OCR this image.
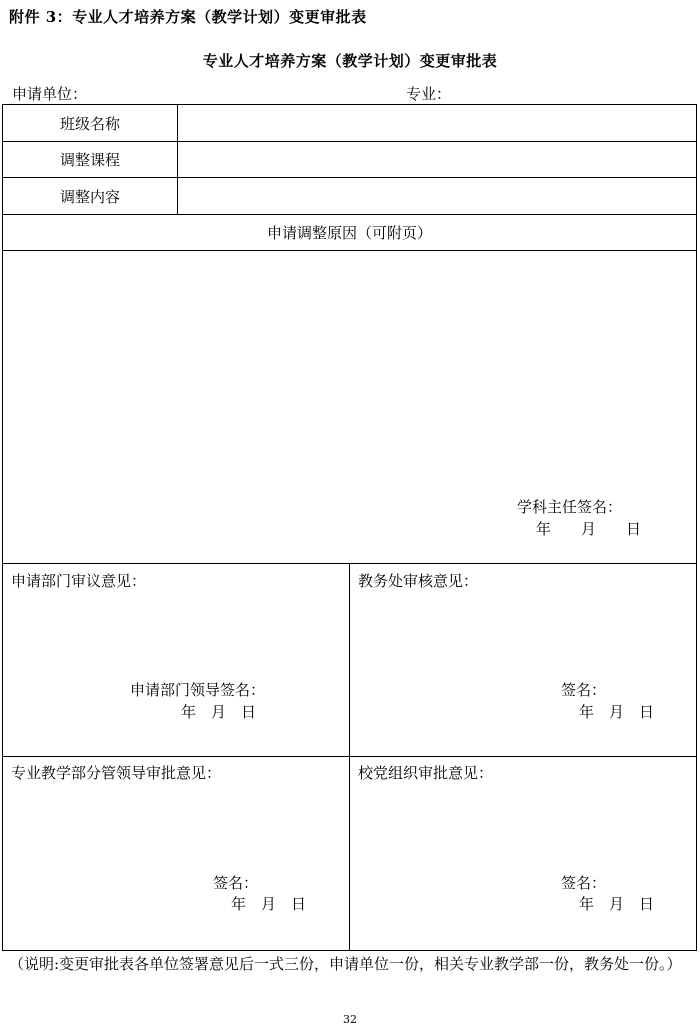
附件 3：专业人才培养方案（教学计划）变更审批表
专业人才培养方案（教学计划）变更审批表
申请单位：	专业：
班级名称
调整课程
调整内容
申请调整原因（可附页）
学科主任签名：
年　　月　　日
申请部门审议意见：
申请部门领导签名：
年　月　日
教务处审核意见：
签名：
年　月　日
专业教学部分管领导审批意见：
签名：
年　月　日
校党组织审批意见：
签名：
年　月　日
（说明:变更审批表各单位签署意见后一式三份，申请单位一份，相关专业教学部一份，教务处一份。）
32
